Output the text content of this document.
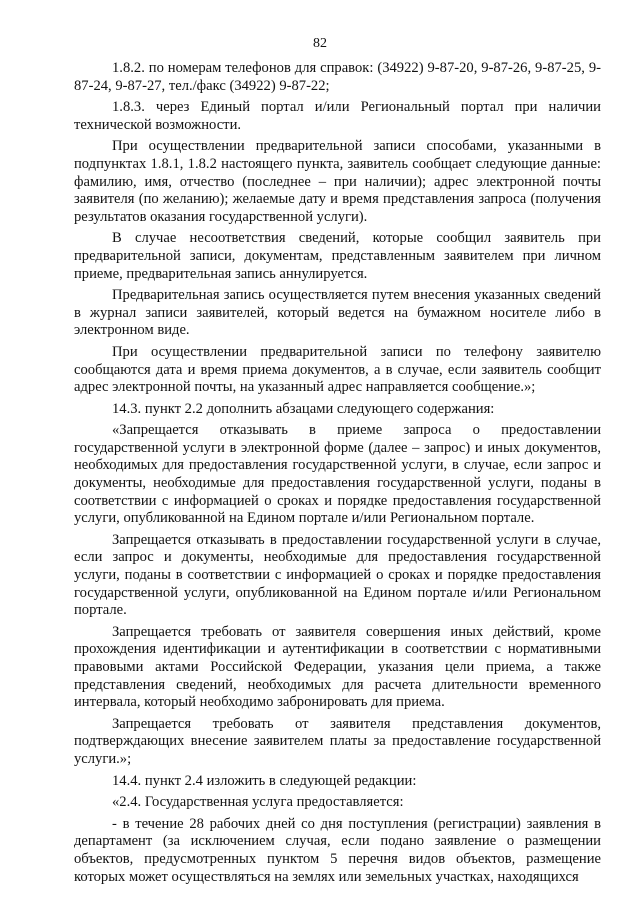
82

1.8.2. по номерам телефонов для справок: (34922) 9-87-20, 9-87-26, 9-87-25, 9-87-24, 9-87-27, тел./факс (34922) 9-87-22;

1.8.3. через Единый портал и/или Региональный портал при наличии технической возможности.

При осуществлении предварительной записи способами, указанными в подпунктах 1.8.1, 1.8.2 настоящего пункта, заявитель сообщает следующие данные: фамилию, имя, отчество (последнее – при наличии); адрес электронной почты заявителя (по желанию); желаемые дату и время представления запроса (получения результатов оказания государственной услуги).

В случае несоответствия сведений, которые сообщил заявитель при предварительной записи, документам, представленным заявителем при личном приеме, предварительная запись аннулируется.

Предварительная запись осуществляется путем внесения указанных сведений в журнал записи заявителей, который ведется на бумажном носителе либо в электронном виде.

При осуществлении предварительной записи по телефону заявителю сообщаются дата и время приема документов, а в случае, если заявитель сообщит адрес электронной почты, на указанный адрес направляется сообщение.»;

14.3. пункт 2.2 дополнить абзацами следующего содержания:

«Запрещается отказывать в приеме запроса о предоставлении государственной услуги в электронной форме (далее – запрос) и иных документов, необходимых для предоставления государственной услуги, в случае, если запрос и документы, необходимые для предоставления государственной услуги, поданы в соответствии с информацией о сроках и порядке предоставления государственной услуги, опубликованной на Едином портале и/или Региональном портале.

Запрещается отказывать в предоставлении государственной услуги в случае, если запрос и документы, необходимые для предоставления государственной услуги, поданы в соответствии с информацией о сроках и порядке предоставления государственной услуги, опубликованной на Едином портале и/или Региональном портале.

Запрещается требовать от заявителя совершения иных действий, кроме прохождения идентификации и аутентификации в соответствии с нормативными правовыми актами Российской Федерации, указания цели приема, а также представления сведений, необходимых для расчета длительности временного интервала, который необходимо забронировать для приема.

Запрещается требовать от заявителя представления документов, подтверждающих внесение заявителем платы за предоставление государственной услуги.»;

14.4. пункт 2.4 изложить в следующей редакции:

«2.4. Государственная услуга предоставляется:

- в течение 28 рабочих дней со дня поступления (регистрации) заявления в департамент (за исключением случая, если подано заявление о размещении объектов, предусмотренных пунктом 5 перечня видов объектов, размещение которых может осуществляться на землях или земельных участках, находящихся
